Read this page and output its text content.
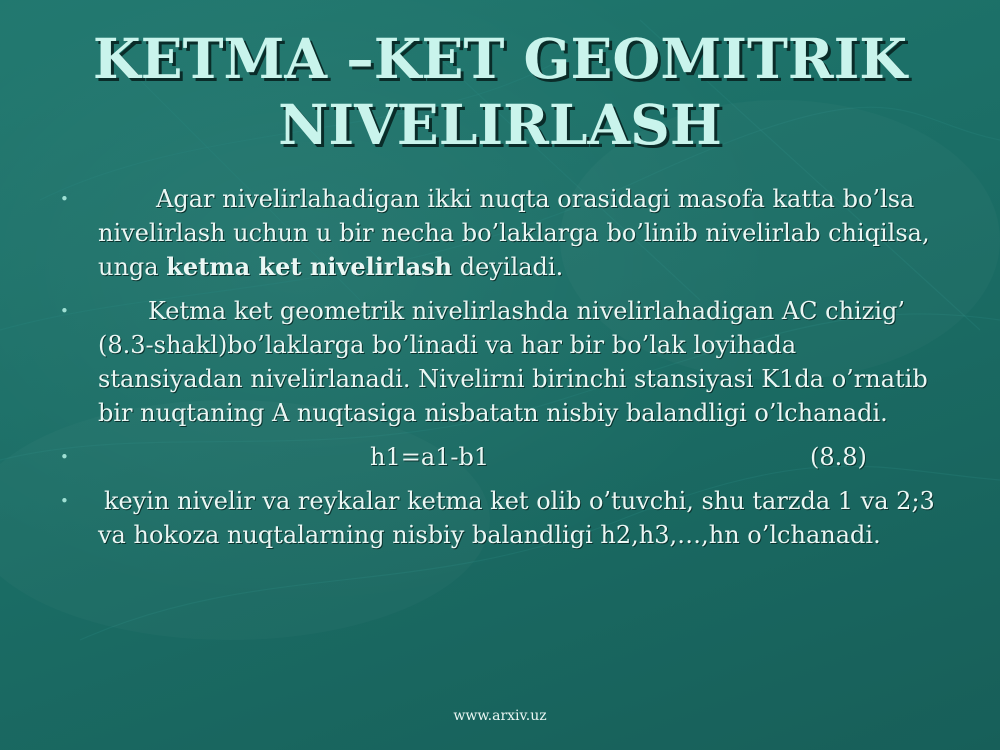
KETMA –KET GEOMITRIK
NIVELIRLASH
•	Agar nivelirlahadigan ikki nuqta orasidagi masofa katta bo’lsa nivelirlash uchun u bir necha bo’laklarga bo’linib nivelirlab chiqilsa, unga ketma ket nivelirlash deyiladi.
•	Ketma ket geometrik nivelirlashda nivelirlahadigan AC chizig’ (8.3-shakl)bo’laklarga bo’linadi va har bir bo’lak loyihada stansiyadan nivelirlanadi. Nivelirni birinchi stansiyasi K1da o’rnatib bir nuqtaning A nuqtasiga nisbatatn nisbiy balandligi o’lchanadi.
•	h1=a1-b1	(8.8)
• keyin nivelir va reykalar ketma ket olib o’tuvchi, shu tarzda 1 va 2;3 va hokoza nuqtalarning nisbiy balandligi h2,h3,…,hn o’lchanadi.
www.arxiv.uz
